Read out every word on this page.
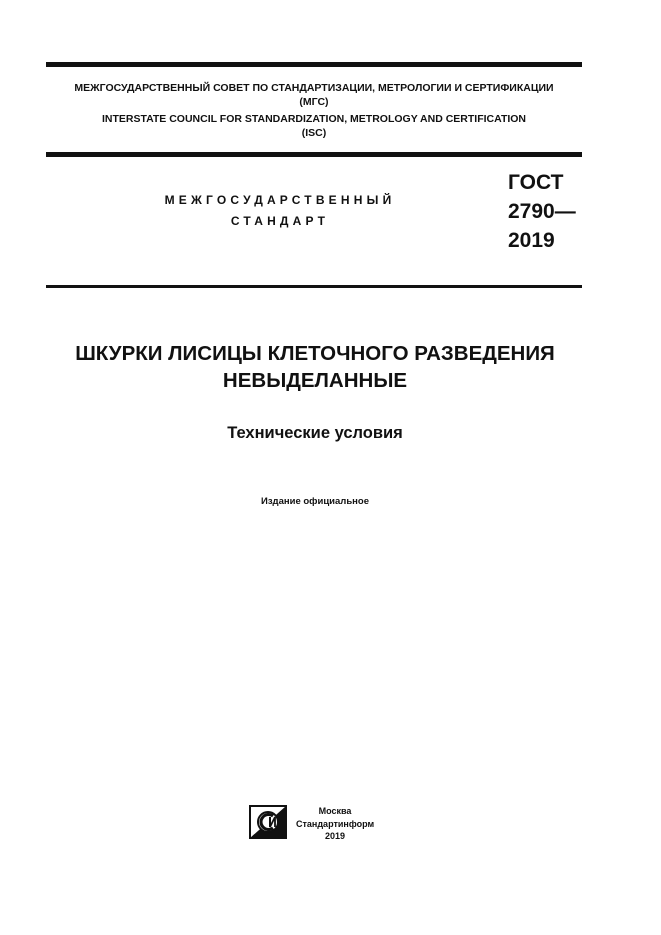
МЕЖГОСУДАРСТВЕННЫЙ СОВЕТ ПО СТАНДАРТИЗАЦИИ, МЕТРОЛОГИИ И СЕРТИФИКАЦИИ
(МГС)
INTERSTATE COUNCIL FOR STANDARDIZATION, METROLOGY AND CERTIFICATION
(ISC)
МЕЖГОСУДАРСТВЕННЫЙ
СТАНДАРТ
ГОСТ
2790—
2019
ШКУРКИ ЛИСИЦЫ КЛЕТОЧНОГО РАЗВЕДЕНИЯ
НЕВЫДЕЛАННЫЕ
Технические условия
Издание официальное
Москва
Стандартинформ
2019
